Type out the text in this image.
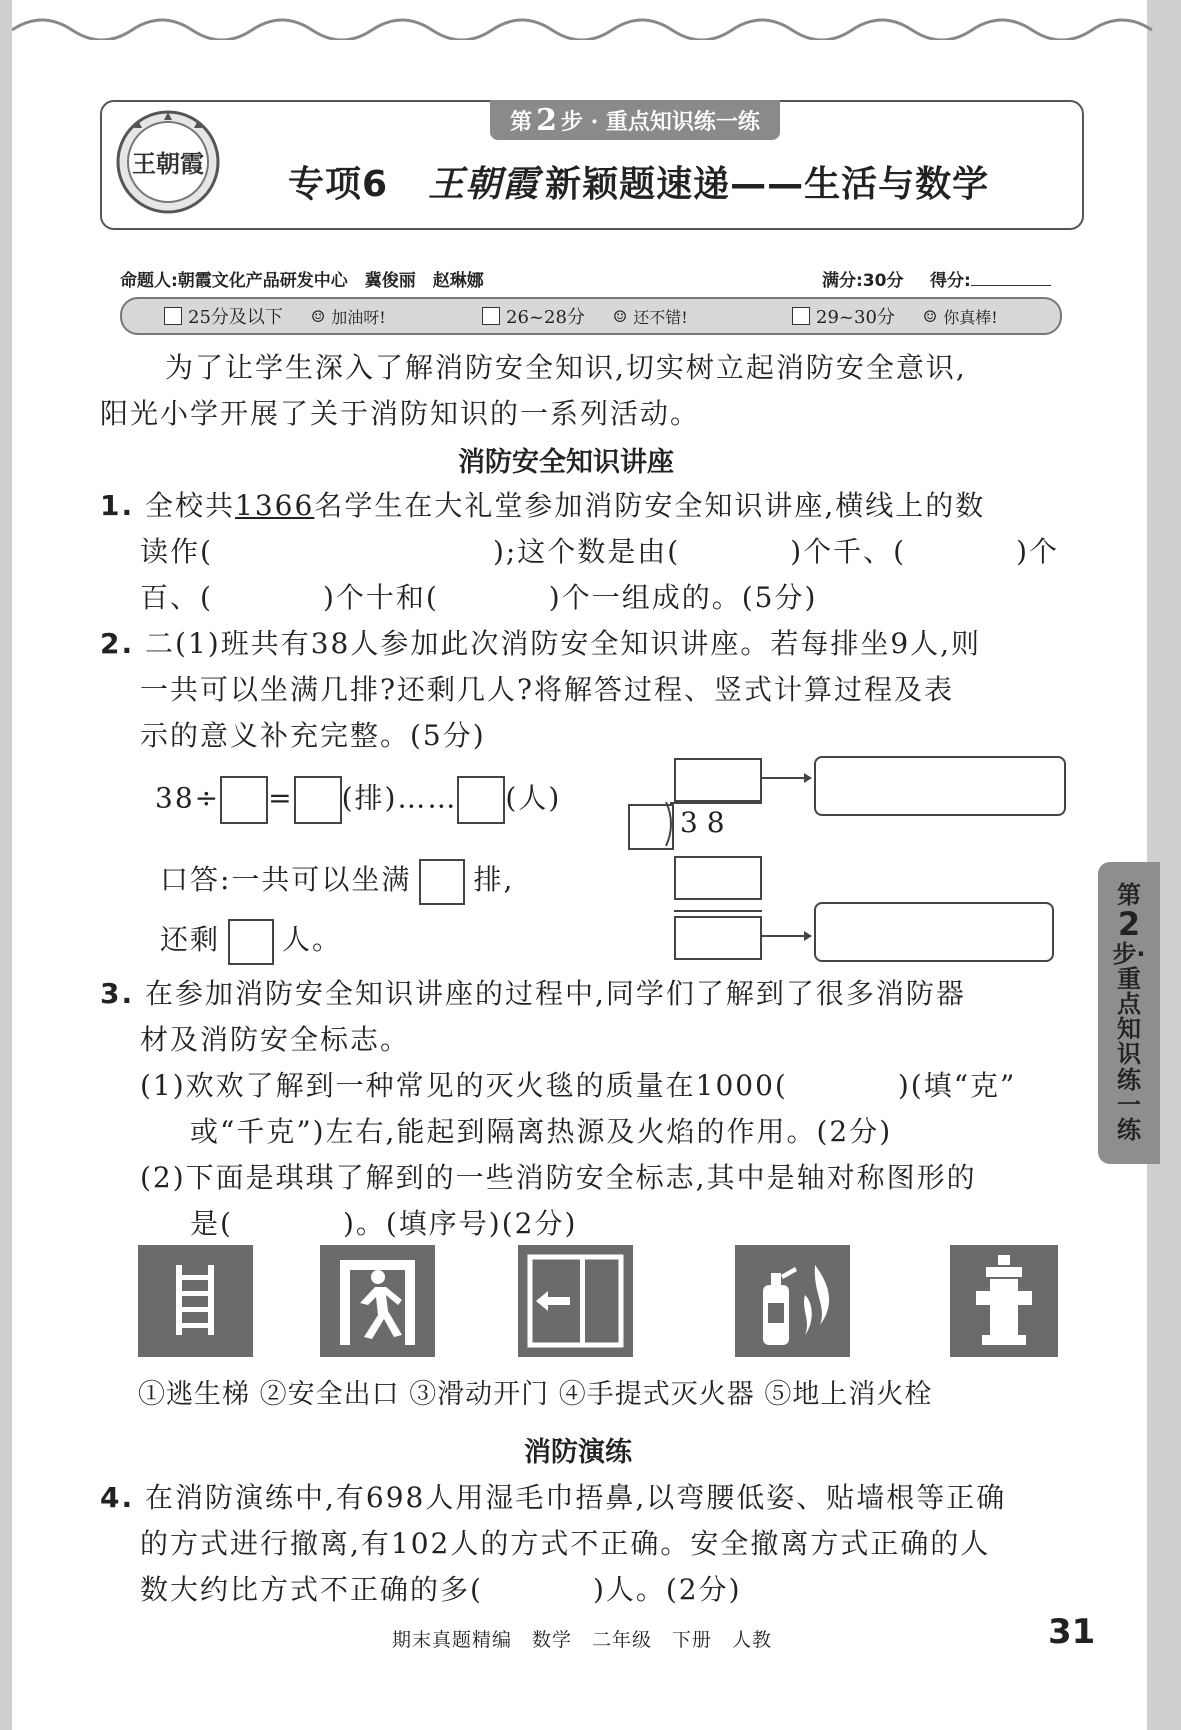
第 2 步 · 重点知识练一练
王朝霞
专项6 王朝霞 新颖题速递——生活与数学
命题人:朝霞文化产品研发中心　冀俊丽　赵琳娜	满分:30分 得分:
25分及以下 ☺ 加油呀!	26~28分 ☺ 还不错!	29~30分 ☺ 你真棒!
为了让学生深入了解消防安全知识,切实树立起消防安全意识,
阳光小学开展了关于消防知识的一系列活动。
消防安全知识讲座
1. 全校共1366名学生在大礼堂参加消防安全知识讲座,横线上的数
读作(	);这个数是由(	)个千、(	)个
百、(	)个十和(	)个一组成的。(5分)
2. 二(1)班共有38人参加此次消防安全知识讲座。若每排坐9人,则
一共可以坐满几排?还剩几人?将解答过程、竖式计算过程及表
示的意义补充完整。(5分)
38÷ = (排)…… (人)
口答:一共可以坐满 排,
还剩 人。
3 8
3. 在参加消防安全知识讲座的过程中,同学们了解到了很多消防器
材及消防安全标志。
(1)欢欢了解到一种常见的灭火毯的质量在1000(	)(填“克”
或“千克”)左右,能起到隔离热源及火焰的作用。(2分)
(2)下面是琪琪了解到的一些消防安全标志,其中是轴对称图形的
是(	)。(填序号)(2分)
①逃生梯 ②安全出口 ③滑动开门 ④手提式灭火器 ⑤地上消火栓
消防演练
4. 在消防演练中,有698人用湿毛巾捂鼻,以弯腰低姿、贴墙根等正确
的方式进行撤离,有102人的方式不正确。安全撤离方式正确的人
数大约比方式不正确的多(	)人。(2分)
第
2
步·
重
点
知
识
练
一
练
期末真题精编　数学　二年级　下册　人教	31
